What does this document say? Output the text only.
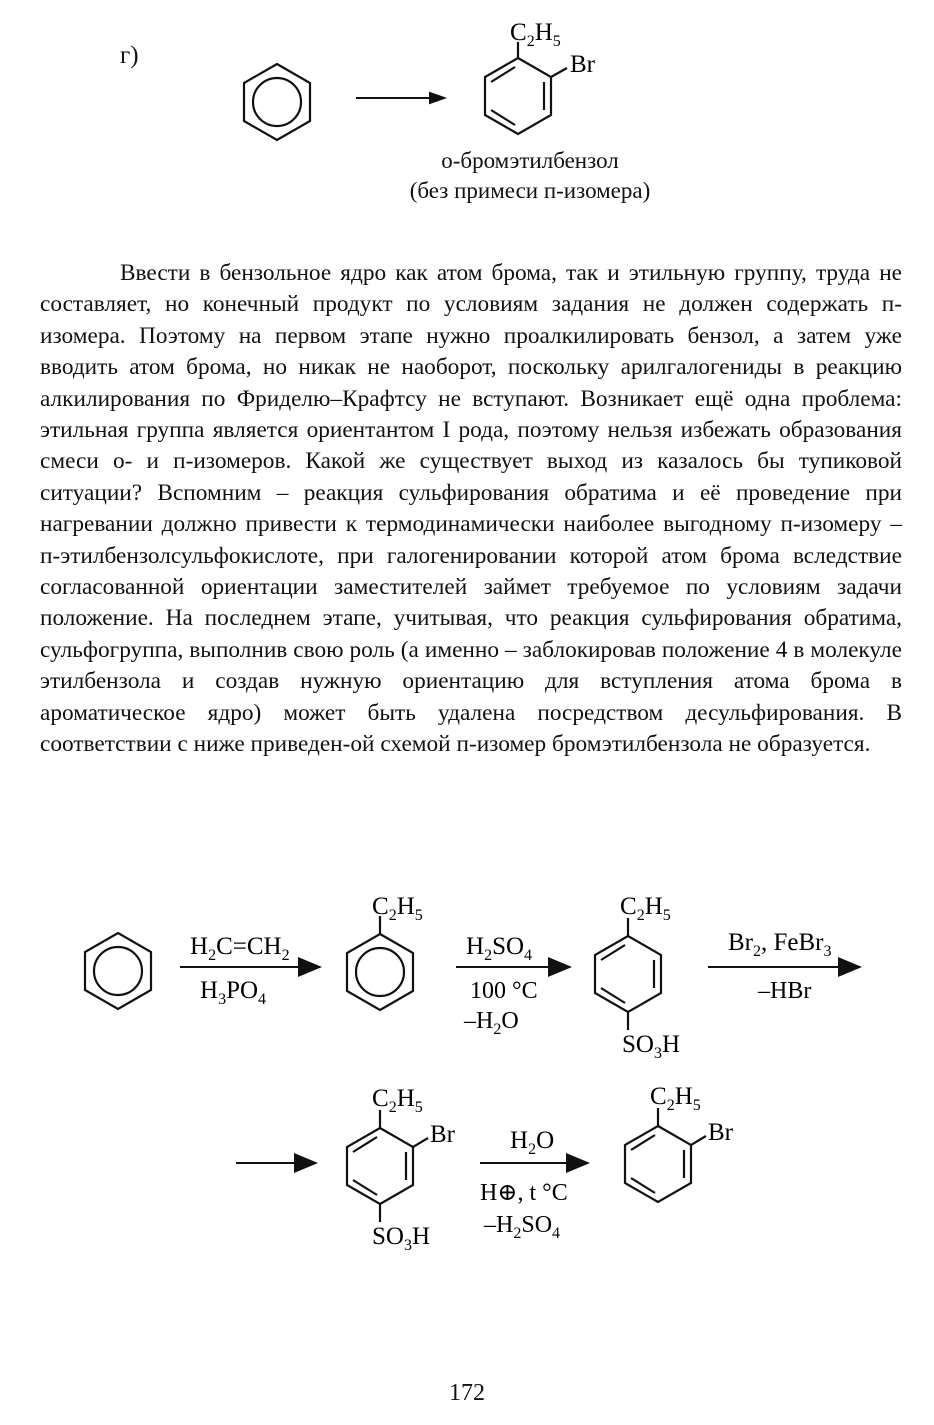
г)
$C_2H_5$
Br
о-бромэтилбензол
(без примеси п-изомера)

Ввести в бензольное ядро как атом брома, так и этильную группу, труда не составляет, но конечный продукт по условиям задания не должен содержать п-изомера. Поэтому на первом этапе нужно проалкилировать бензол, а затем уже вводить атом брома, но никак не наоборот, поскольку арилгалогениды в реакцию алкилирования по Фриделю–Крафтсу не вступают. Возникает ещё одна проблема: этильная группа является ориентантом I рода, поэтому нельзя избежать образования смеси о- и п-изомеров. Какой же существует выход из казалось бы тупиковой ситуации? Вспомним – реакция сульфирования обратима и её проведение при нагревании должно привести к термодинамически наиболее выгодному п-изомеру – п-этилбензолсульфокислоте, при галогенировании которой атом брома вследствие согласованной ориентации заместителей займет требуемое по условиям задачи положение. На последнем этапе, учитывая, что реакция сульфирования обратима, сульфогруппа, выполнив свою роль (а именно – заблокировав положение 4 в молекуле этилбензола и создав нужную ориентацию для вступления атома брома в ароматическое ядро) может быть удалена посредством десульфирования. В соответствии с ниже приведен-ой схемой п-изомер бромэтилбензола не образуется.

$H_2C=CH_2$
$H_3PO_4$
$C_2H_5$
$H_2SO_4$
100 °C
$-H_2O$
$C_2H_5$
$SO_3H$
$Br_2$, FeBr$_3$
–HBr
$C_2H_5$
Br
$SO_3H$
$H_2O$
H⊕, t °C
$-H_2SO_4$
$C_2H_5$
Br
172
